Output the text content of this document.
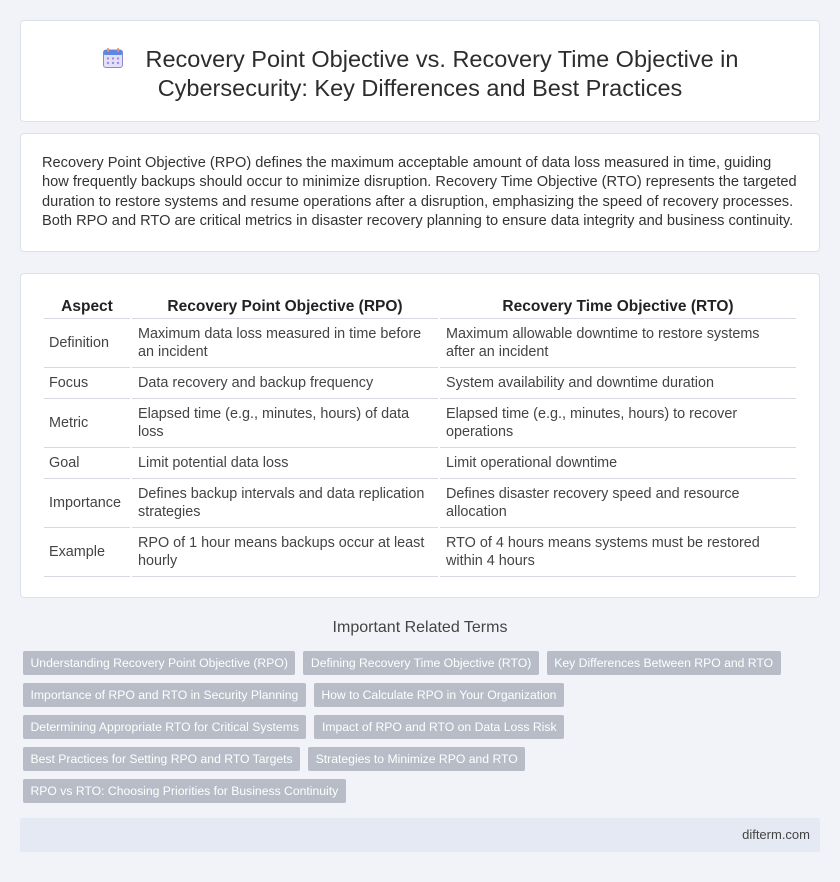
Recovery Point Objective vs. Recovery Time Objective in
Cybersecurity: Key Differences and Best Practices

Recovery Point Objective (RPO) defines the maximum acceptable amount of data loss measured in time, guiding how frequently backups should occur to minimize disruption. Recovery Time Objective (RTO) represents the targeted duration to restore systems and resume operations after a disruption, emphasizing the speed of recovery processes. Both RPO and RTO are critical metrics in disaster recovery planning to ensure data integrity and business continuity.

Aspect	Recovery Point Objective (RPO)	Recovery Time Objective (RTO)
Definition	Maximum data loss measured in time before an incident	Maximum allowable downtime to restore systems after an incident
Focus	Data recovery and backup frequency	System availability and downtime duration
Metric	Elapsed time (e.g., minutes, hours) of data loss	Elapsed time (e.g., minutes, hours) to recover operations
Goal	Limit potential data loss	Limit operational downtime
Importance	Defines backup intervals and data replication strategies	Defines disaster recovery speed and resource allocation
Example	RPO of 1 hour means backups occur at least hourly	RTO of 4 hours means systems must be restored within 4 hours
Important Related Terms
Understanding Recovery Point Objective (RPO)	Defining Recovery Time Objective (RTO)	Key Differences Between RPO and RTO
Importance of RPO and RTO in Security Planning	How to Calculate RPO in Your Organization
Determining Appropriate RTO for Critical Systems	Impact of RPO and RTO on Data Loss Risk
Best Practices for Setting RPO and RTO Targets	Strategies to Minimize RPO and RTO
RPO vs RTO: Choosing Priorities for Business Continuity
difterm.com
